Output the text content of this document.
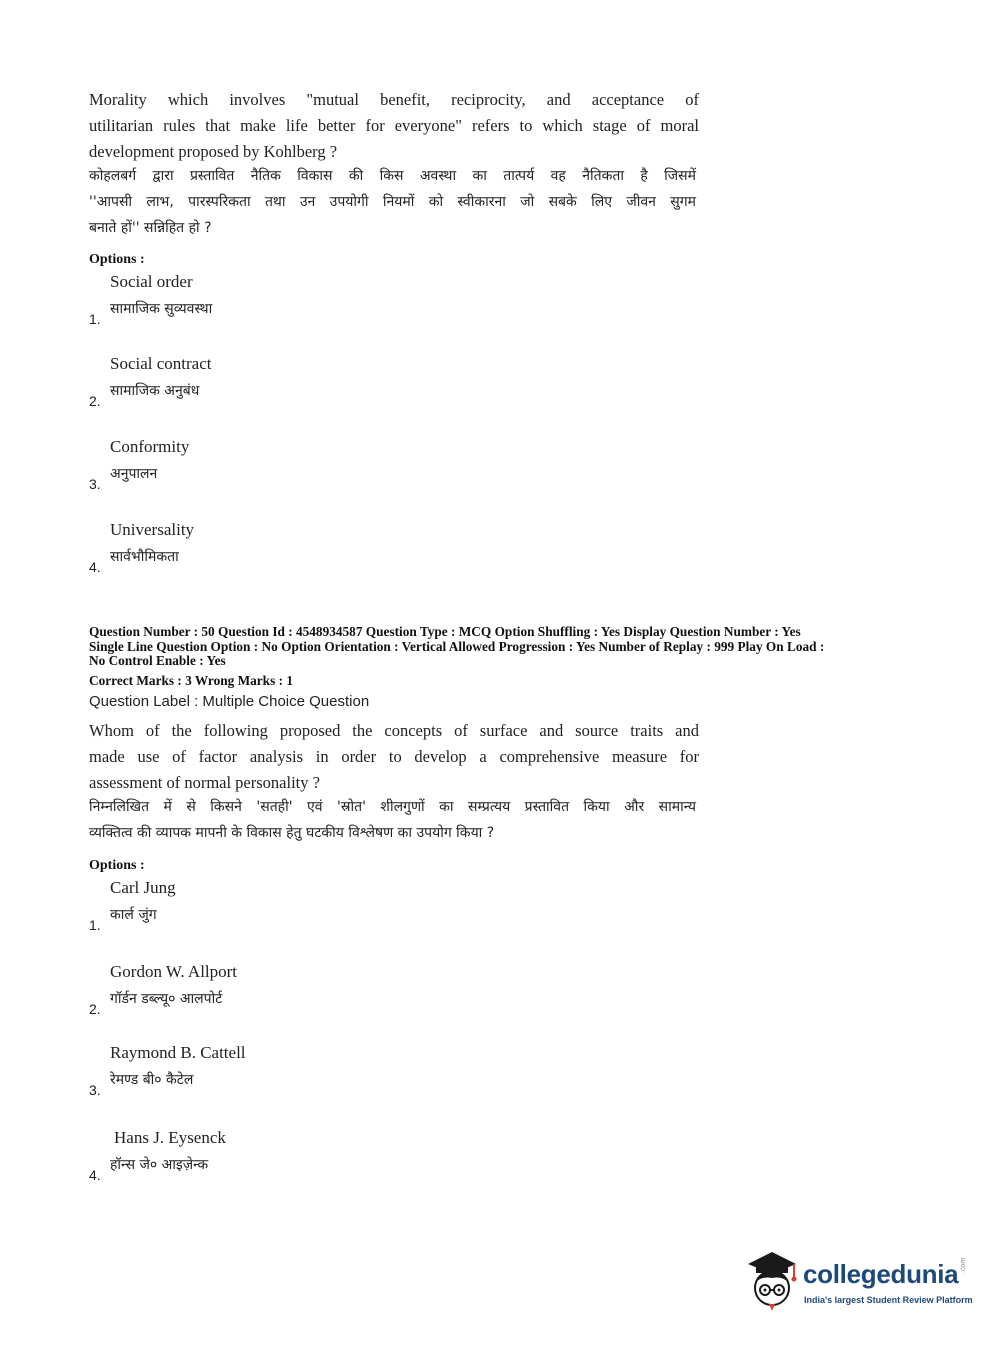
Morality which involves "mutual benefit, reciprocity, and acceptance of
utilitarian rules that make life better for everyone" refers to which stage of moral
development proposed by Kohlberg ?
कोहलबर्ग द्वारा प्रस्तावित नैतिक विकास की किस अवस्था का तात्पर्य वह नैतिकता है जिसमें
''आपसी लाभ, पारस्परिकता तथा उन उपयोगी नियमों को स्वीकारना जो सबके लिए जीवन सुगम
बनाते हों'' सन्निहित हो ?
Options :
Social order
सामाजिक सुव्यवस्था
1.
Social contract
सामाजिक अनुबंध
2.
Conformity
अनुपालन
3.
Universality
सार्वभौमिकता
4.
Question Number : 50 Question Id : 4548934587 Question Type : MCQ Option Shuffling : Yes Display Question Number : Yes
Single Line Question Option : No Option Orientation : Vertical Allowed Progression : Yes Number of Replay : 999 Play On Load :
No Control Enable : Yes
Correct Marks : 3 Wrong Marks : 1
Question Label : Multiple Choice Question
Whom of the following proposed the concepts of surface and source traits and
made use of factor analysis in order to develop a comprehensive measure for
assessment of normal personality ?
निम्नलिखित में से किसने 'सतही' एवं 'स्रोत' शीलगुणों का सम्प्रत्यय प्रस्तावित किया और सामान्य
व्यक्तित्व की व्यापक मापनी के विकास हेतु घटकीय विश्लेषण का उपयोग किया ?
Options :
Carl Jung
कार्ल जुंग
1.
Gordon W. Allport
गॉर्डन डब्ल्यू० आलपोर्ट
2.
Raymond B. Cattell
रेमण्ड बी० कैटेल
3.
Hans J. Eysenck
हॉन्स जे० आइज़ेन्क
4.
collegedunia .com
India's largest Student Review Platform
